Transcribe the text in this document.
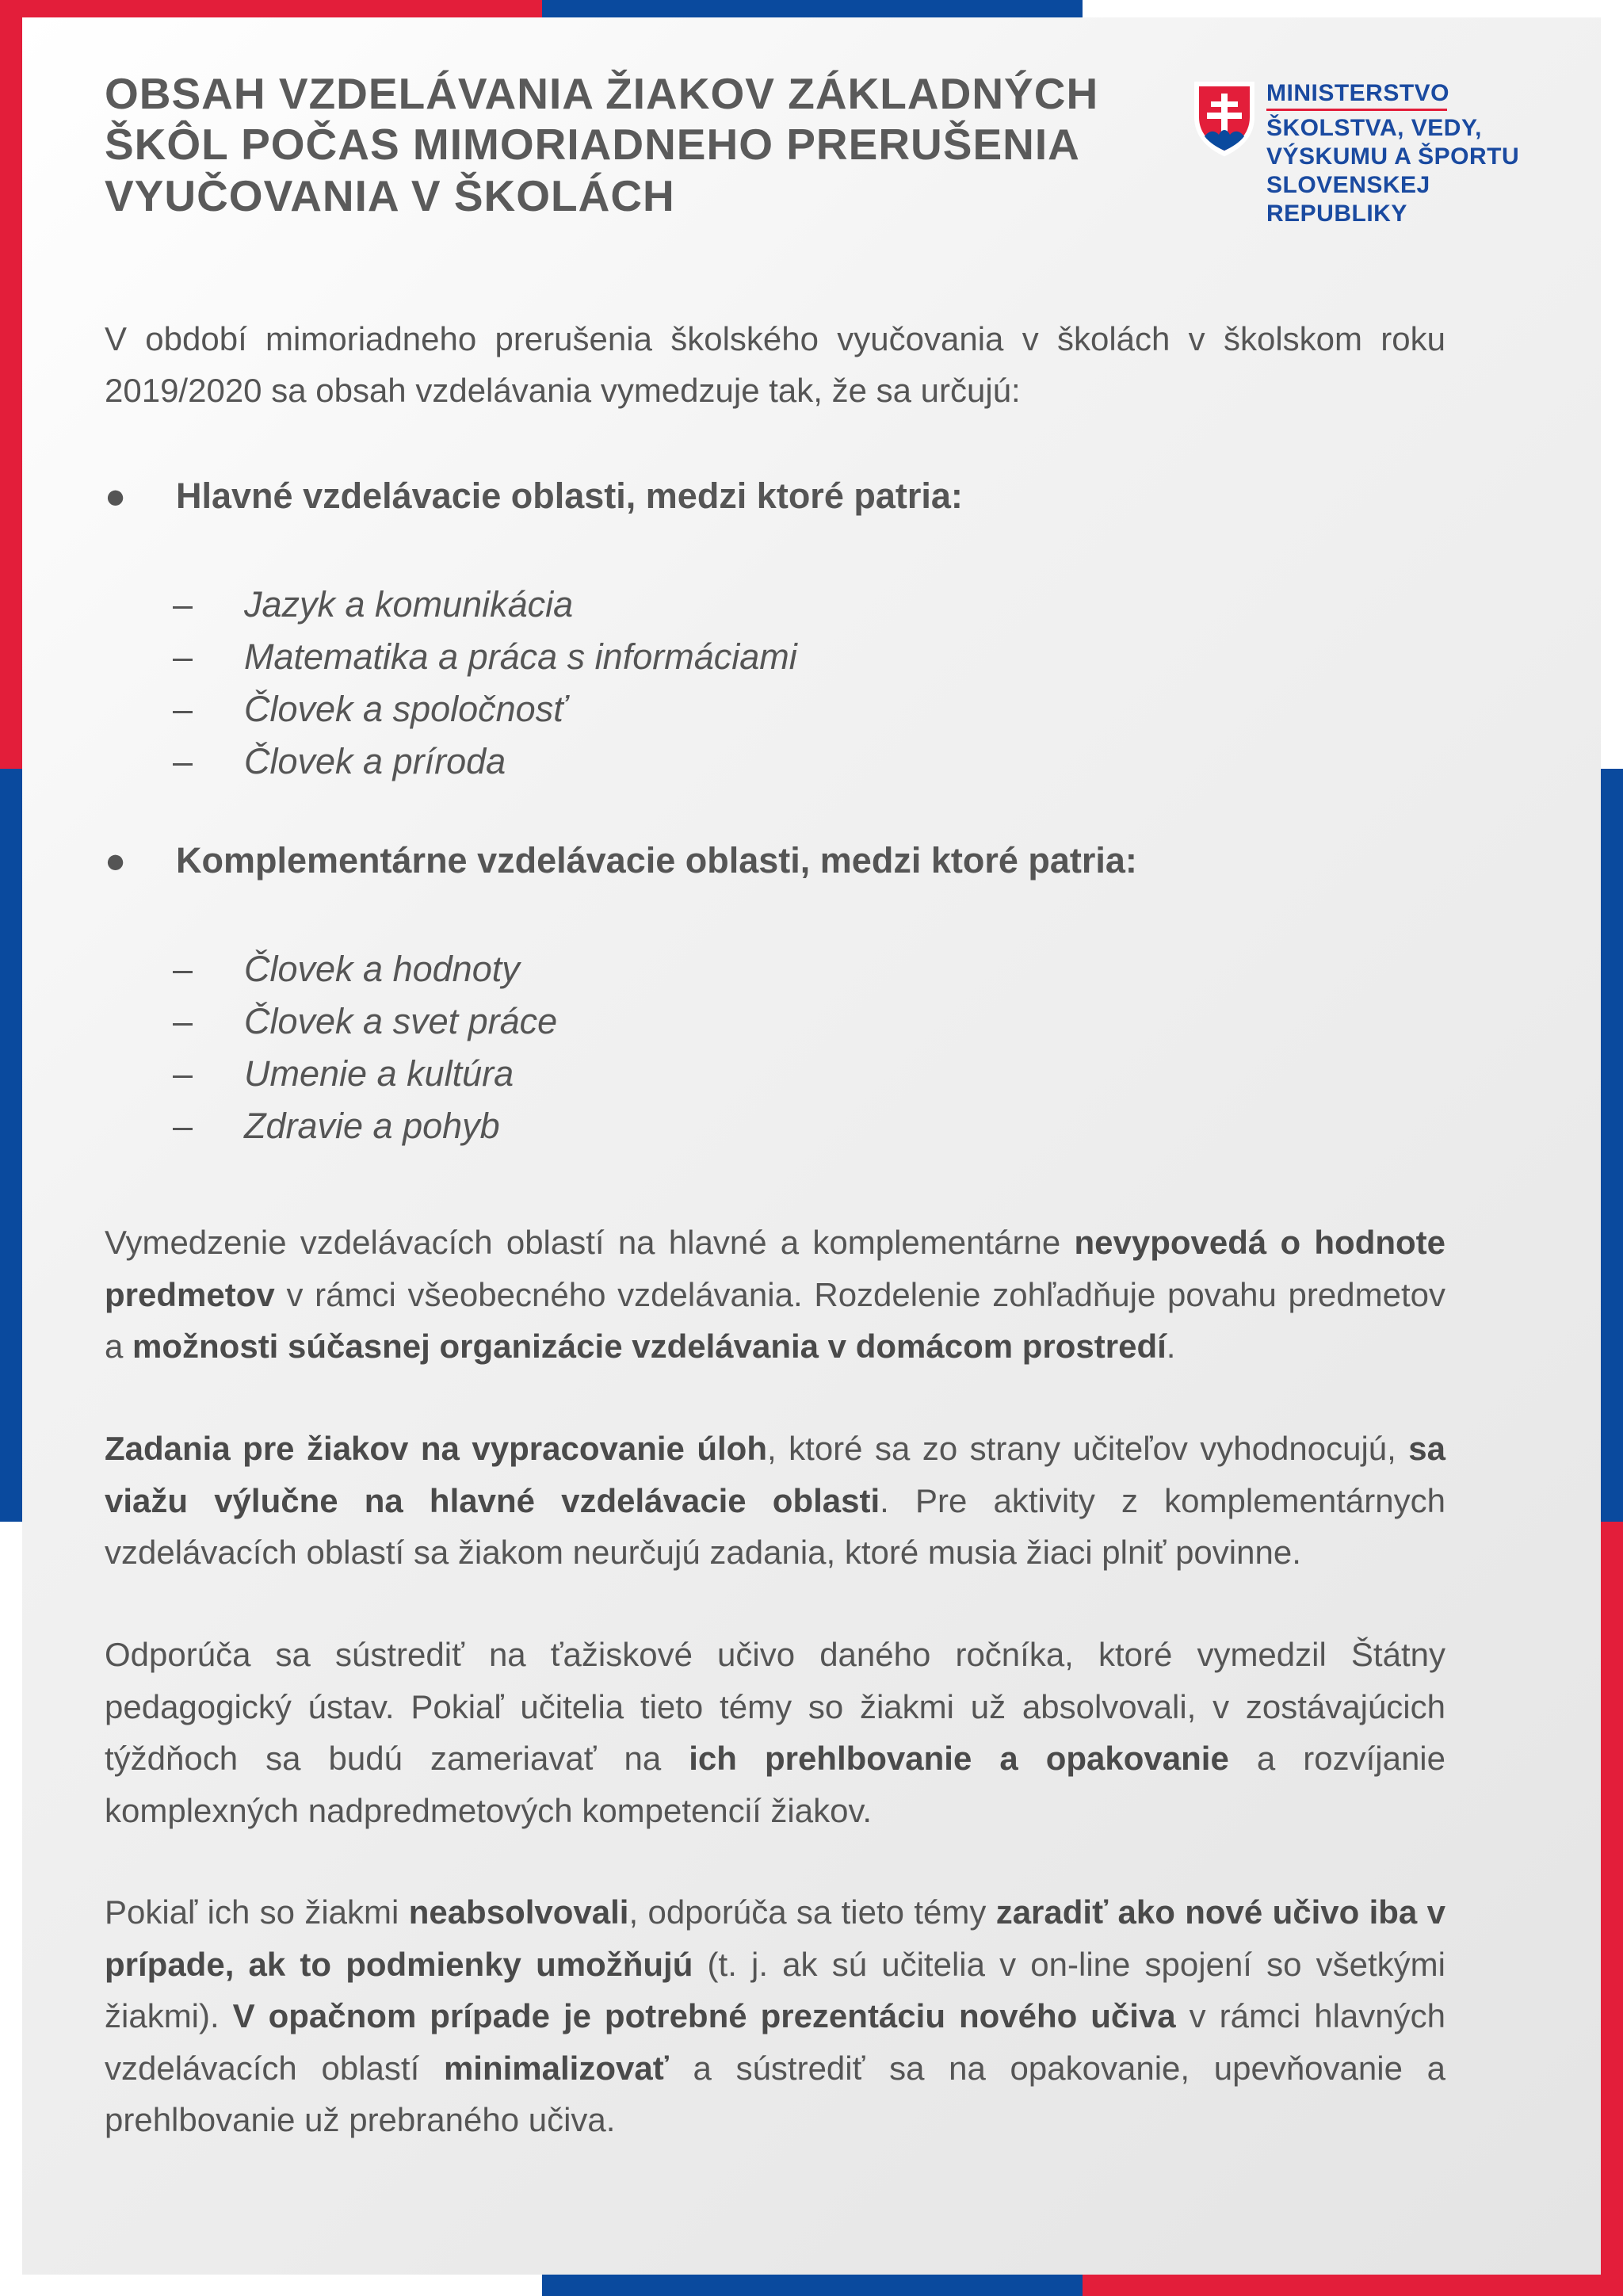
OBSAH VZDELÁVANIA ŽIAKOV ZÁKLADNÝCH
ŠKÔL POČAS MIMORIADNEHO PRERUŠENIA
VYUČOVANIA V ŠKOLÁCH
MINISTERSTVO
ŠKOLSTVA, VEDY,
VÝSKUMU A ŠPORTU
SLOVENSKEJ REPUBLIKY

V období mimoriadneho prerušenia školského vyučovania v školách v školskom roku 2019/2020 sa obsah vzdelávania vymedzuje tak, že sa určujú:

● Hlavné vzdelávacie oblasti, medzi ktoré patria:
– Jazyk a komunikácia
– Matematika a práca s informáciami
– Človek a spoločnosť
– Človek a príroda
● Komplementárne vzdelávacie oblasti, medzi ktoré patria:
– Človek a hodnoty
– Človek a svet práce
– Umenie a kultúra
– Zdravie a pohyb

Vymedzenie vzdelávacích oblastí na hlavné a komplementárne nevypovedá o hodnote predmetov v rámci všeobecného vzdelávania. Rozdelenie zohľadňuje povahu predmetov a možnosti súčasnej organizácie vzdelávania v domácom prostredí.

Zadania pre žiakov na vypracovanie úloh, ktoré sa zo strany učiteľov vyhodnocujú, sa viažu výlučne na hlavné vzdelávacie oblasti. Pre aktivity z komplementárnych vzdelávacích oblastí sa žiakom neurčujú zadania, ktoré musia žiaci plniť povinne.

Odporúča sa sústrediť na ťažiskové učivo daného ročníka, ktoré vymedzil Štátny pedagogický ústav. Pokiaľ učitelia tieto témy so žiakmi už absolvovali, v zostávajúcich týždňoch sa budú zameriavať na ich prehlbovanie a opakovanie a rozvíjanie komplexných nadpredmetových kompetencií žiakov.

Pokiaľ ich so žiakmi neabsolvovali, odporúča sa tieto témy zaradiť ako nové učivo iba v prípade, ak to podmienky umožňujú (t. j. ak sú učitelia v on-line spojení so všetkými žiakmi). V opačnom prípade je potrebné prezentáciu nového učiva v rámci hlavných vzdelávacích oblastí minimalizovať a sústrediť sa na opakovanie, upevňovanie a prehlbovanie už prebraného učiva.
